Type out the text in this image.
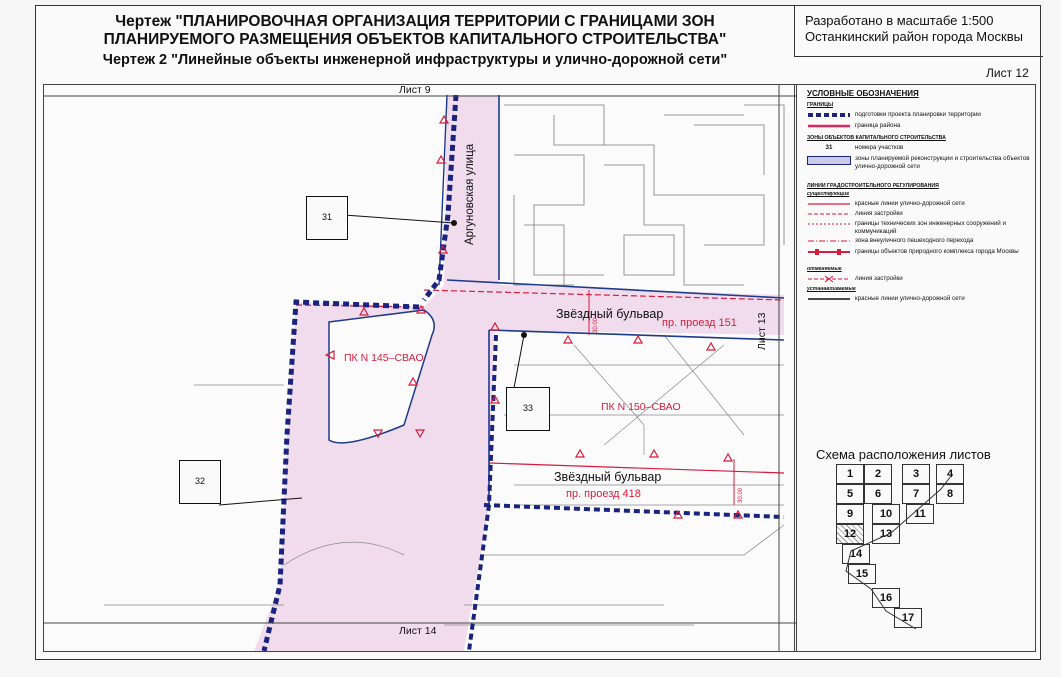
Чертеж "ПЛАНИРОВОЧНАЯ ОРГАНИЗАЦИЯ ТЕРРИТОРИИ С ГРАНИЦАМИ ЗОН
ПЛАНИРУЕМОГО РАЗМЕЩЕНИЯ ОБЪЕКТОВ КАПИТАЛЬНОГО СТРОИТЕЛЬСТВА"
Чертеж 2 "Линейные объекты инженерной инфраструктуры и улично-дорожной сети"
Разработано в масштабе 1:500
Останкинский район города Москвы
Лист 12
31
32
33
Лист 9
Лист 14
Лист 13
Аргуновская улица
Звёздный бульвар
пр. проезд 151
Звёздный бульвар
пр. проезд 418
ПК N 145–СВАО
ПК N 150–СВАО
30.00
30.00
УСЛОВНЫЕ ОБОЗНАЧЕНИЯ
ГРАНИЦЫ
подготовки проекта планировки территории
граница района
ЗОНЫ ОБЪЕКТОВ КАПИТАЛЬНОГО СТРОИТЕЛЬСТВА
31	номера участков
зоны планируемой реконструкции и строительства объектов улично-дорожной сети
ЛИНИИ ГРАДОСТРОИТЕЛЬНОГО РЕГУЛИРОВАНИЯ
существующие
красные линии улично-дорожной сети
линия застройки
границы технических зон инженерных сооружений и коммуникаций
зона внеуличного пешеходного перехода
границы объектов природного комплекса города Москвы
отменяемые
линия застройки
устанавливаемые
красные линии улично-дорожной сети
Схема расположения листов
1	2	3	4
5	6	7	8
9	10	11
12	13
14
15
16
17
